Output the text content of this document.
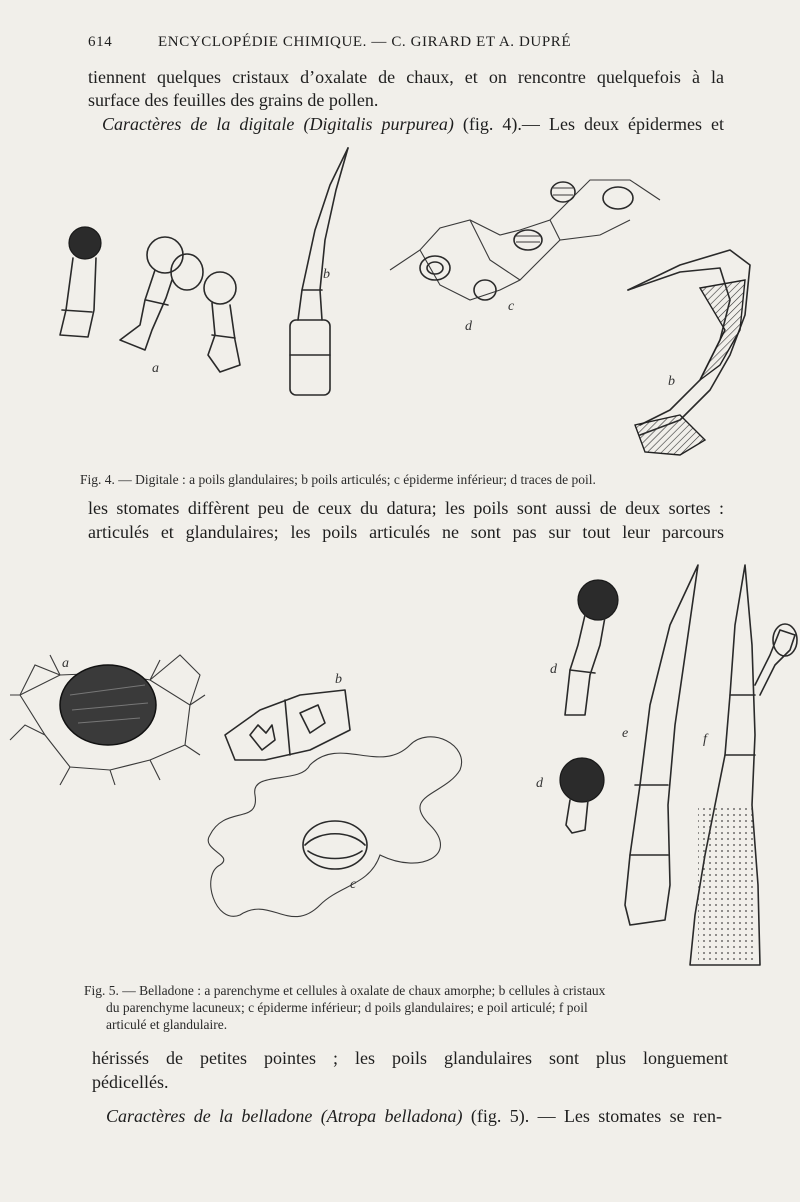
614	ENCYCLOPÉDIE CHIMIQUE. — C. GIRARD ET A. DUPRÉ
tiennent quelques cristaux d’oxalate de chaux, et on rencontre quelquefois à la
surface des feuilles des grains de pollen.
Caractères de la digitale (Digitalis purpurea) (fig. 4).— Les deux épidermes et
a
b
c
d
b
Fig. 4. — Digitale : a poils glandulaires; b poils articulés; c épiderme inférieur; d traces de poil.
les stomates diffèrent peu de ceux du datura; les poils sont aussi de deux sortes :
articulés et glandulaires; les poils articulés ne sont pas sur tout leur parcours
a
b
c
d
d
e	f
Fig. 5. — Belladone : a parenchyme et cellules à oxalate de chaux amorphe; b cellules à cristaux
du parenchyme lacuneux; c épiderme inférieur; d poils glandulaires; e poil articulé; f poil
articulé et glandulaire.
hérissés de petites pointes ; les poils glandulaires sont plus longuement
pédicellés.
Caractères de la belladone (Atropa belladona) (fig. 5). — Les stomates se ren-
